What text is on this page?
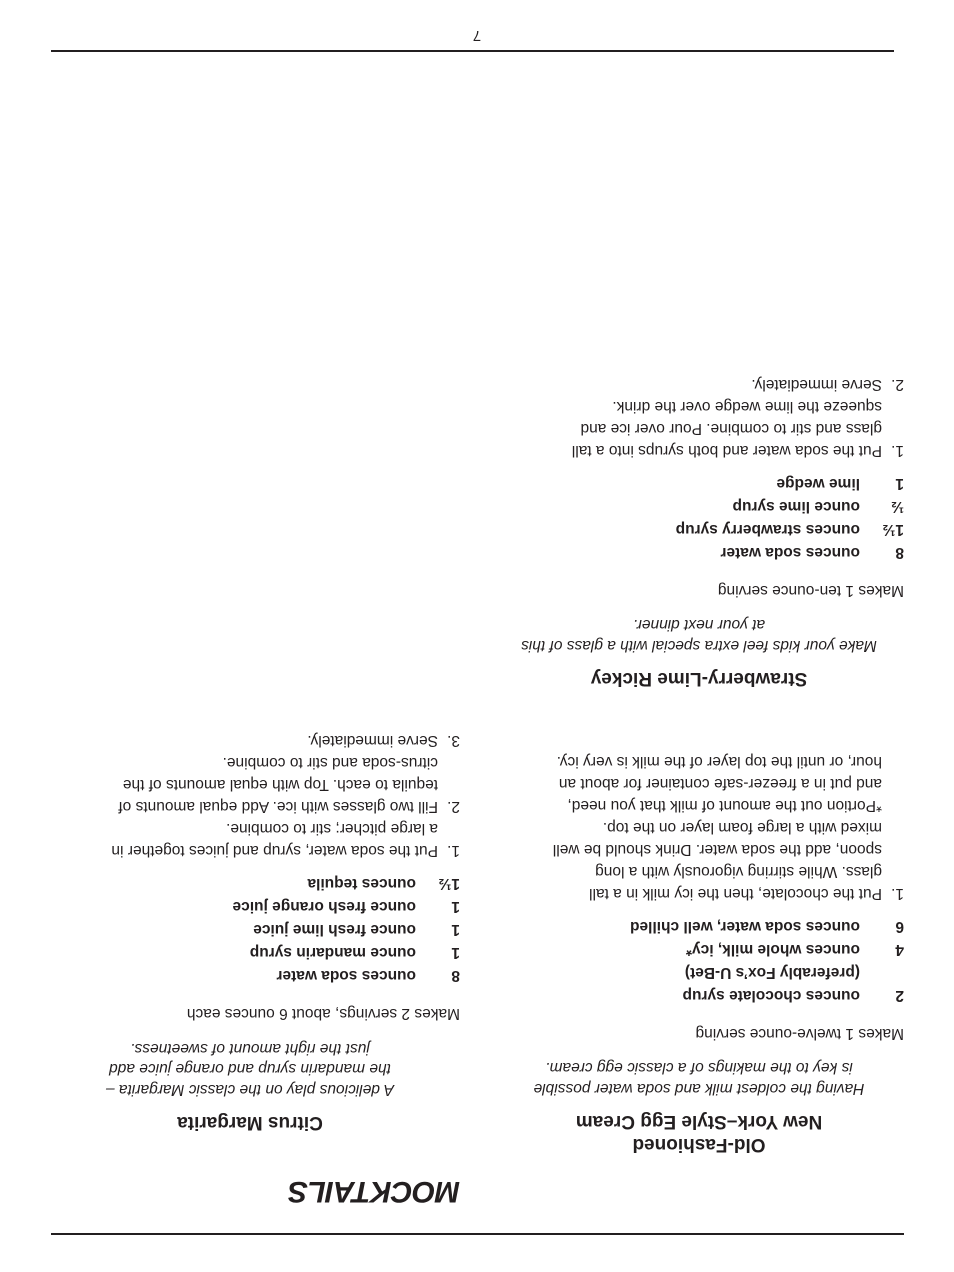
MOCKTAILS
Old-Fashioned
New York–Style Egg Cream

Having the coldest milk and soda water possible
is key to the makings of a classic egg cream.

Makes 1 twelve-ounce serving

2
ounces chocolate syrup
(preferably Fox’s U-Bet)
4
ounces whole milk, icy*
6
ounces soda water, well chilled
1.
Put the chocolate, then the icy milk in a tall
glass. While stirring vigorously with a long
spoon, add the soda water. Drink should be well
mixed with a large foam layer on the top.

*Portion out the amount of milk that you need,
and put in a freezer-safe container for about an
hour, or until the top layer of the milk is very icy.

Strawberry-Lime Rickey

Make your kids feel extra special with a glass of this
at your next dinner.

Makes 1 ten-ounce serving

8
ounces soda water
1½
ounces strawberry syrup
½
ounce lime syrup
1
lime wedge
1.
Put the soda water and both syrups into a tall
glass and stir to combine. Pour over ice and
squeeze the lime wedge over the drink.
2.
Serve immediately.
Citrus Margarita

A delicious play on the classic Margarita –
the mandarin syrup and orange juice add
just the right amount of sweetness.

Makes 2 servings, about 6 ounces each

8
ounces soda water
1
ounce mandarin syrup
1
ounce fresh lime juice
1
ounce fresh orange juice
1½
ounces tequila
1.
Put the soda water, syrup and juices together in
a large pitcher; stir to combine.
2.
Fill two glasses with ice. Add equal amounts of
tequila to each. Top with equal amounts of the
citrus-soda and stir to combine.
3.
Serve immediately.
7
